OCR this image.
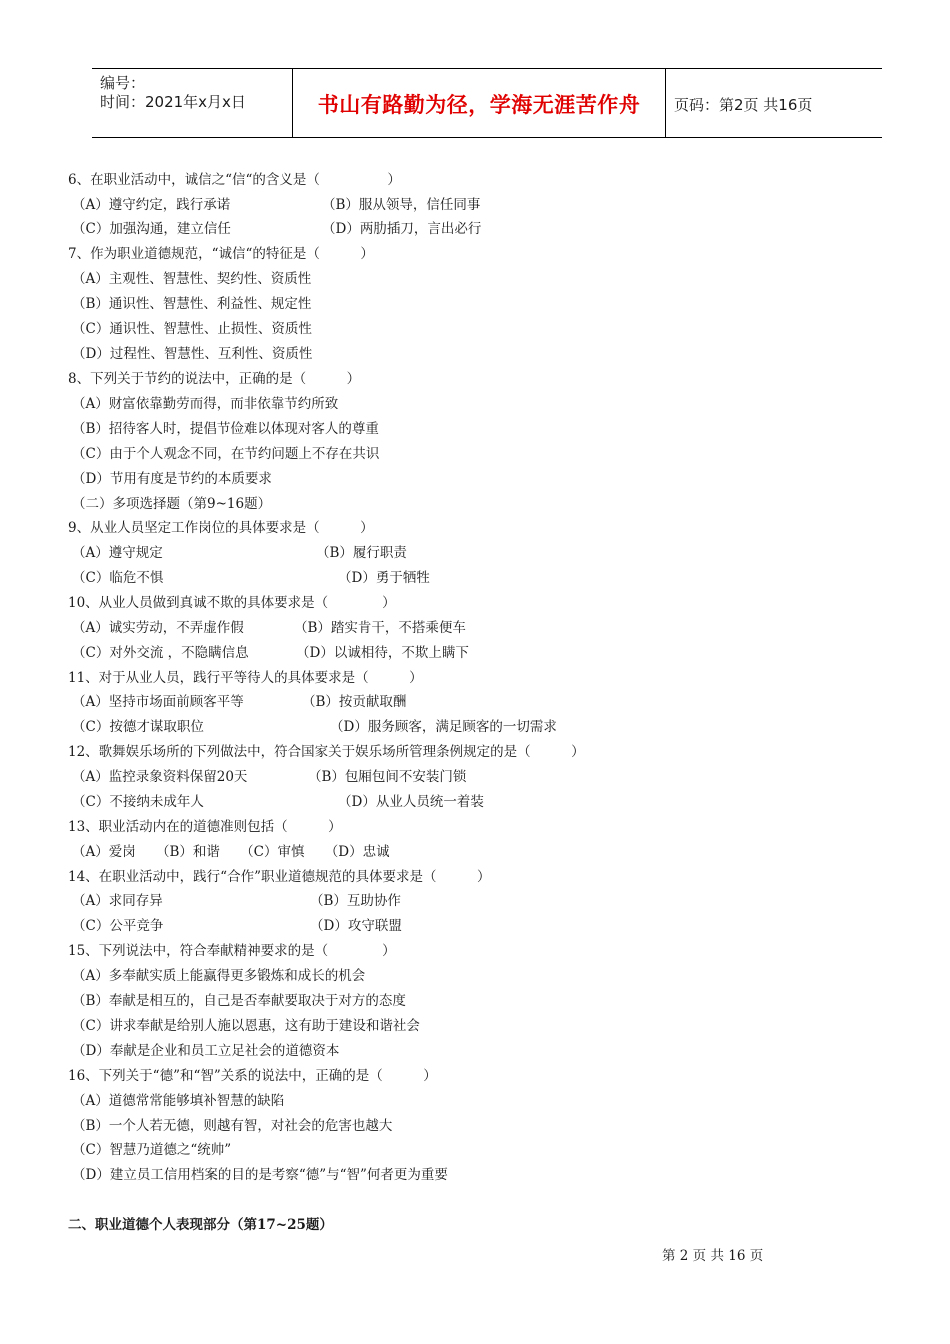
编号：
时间：2021年x月x日	书山有路勤为径，学海无涯苦作舟	页码：第2页 共16页
6、在职业活动中，诚信之“信“的含义是（　　　　　）
（A）遵守约定，践行承诺	（B）服从领导，信任同事
（C）加强沟通，建立信任	（D）两肋插刀，言出必行
7、作为职业道德规范，“诚信“的特征是（　　　）
（A）主观性、智慧性、契约性、资质性
（B）通识性、智慧性、利益性、规定性
（C）通识性、智慧性、止损性、资质性
（D）过程性、智慧性、互利性、资质性
8、下列关于节约的说法中，正确的是（　　　）
（A）财富依靠勤劳而得，而非依靠节约所致
（B）招待客人时，提倡节俭难以体现对客人的尊重
（C）由于个人观念不同，在节约问题上不存在共识
（D）节用有度是节约的本质要求
（二）多项选择题（第9~16题）
9、从业人员坚定工作岗位的具体要求是（　　　）
（A）遵守规定	（B）履行职责
（C）临危不惧	（D）勇于牺牲
10、从业人员做到真诚不欺的具体要求是（　　　　）
（A）诚实劳动，不弄虚作假	（B）踏实肯干，不搭乘便车
（C）对外交流 ，不隐瞒信息	（D）以诚相待，不欺上瞒下
11、对于从业人员，践行平等待人的具体要求是（　　　）
（A）坚持市场面前顾客平等	（B）按贡献取酬
（C）按德才谋取职位	（D）服务顾客，满足顾客的一切需求
12、歌舞娱乐场所的下列做法中，符合国家关于娱乐场所管理条例规定的是（　　　）
（A）监控录象资料保留20天	（B）包厢包间不安装门锁
（C）不接纳未成年人	（D）从业人员统一着装
13、职业活动内在的道德准则包括（　　　）
（A）爱岗　　（B）和谐　　（C）审慎　　（D）忠诚
14、在职业活动中，践行“合作”职业道德规范的具体要求是（　　　）
（A）求同存异	（B）互助协作
（C）公平竞争	（D）攻守联盟
15、下列说法中，符合奉献精神要求的是（　　　　）
（A）多奉献实质上能赢得更多锻炼和成长的机会
（B）奉献是相互的，自己是否奉献要取决于对方的态度
（C）讲求奉献是给别人施以恩惠，这有助于建设和谐社会
（D）奉献是企业和员工立足社会的道德资本
16、下列关于“德”和“智”关系的说法中，正确的是（　　　）
（A）道德常常能够填补智慧的缺陷
（B）一个人若无德，则越有智，对社会的危害也越大
（C）智慧乃道德之“统帅”
（D）建立员工信用档案的目的是考察“德”与“智”何者更为重要
二、职业道德个人表现部分（第17~25题）
第 2 页 共 16 页
